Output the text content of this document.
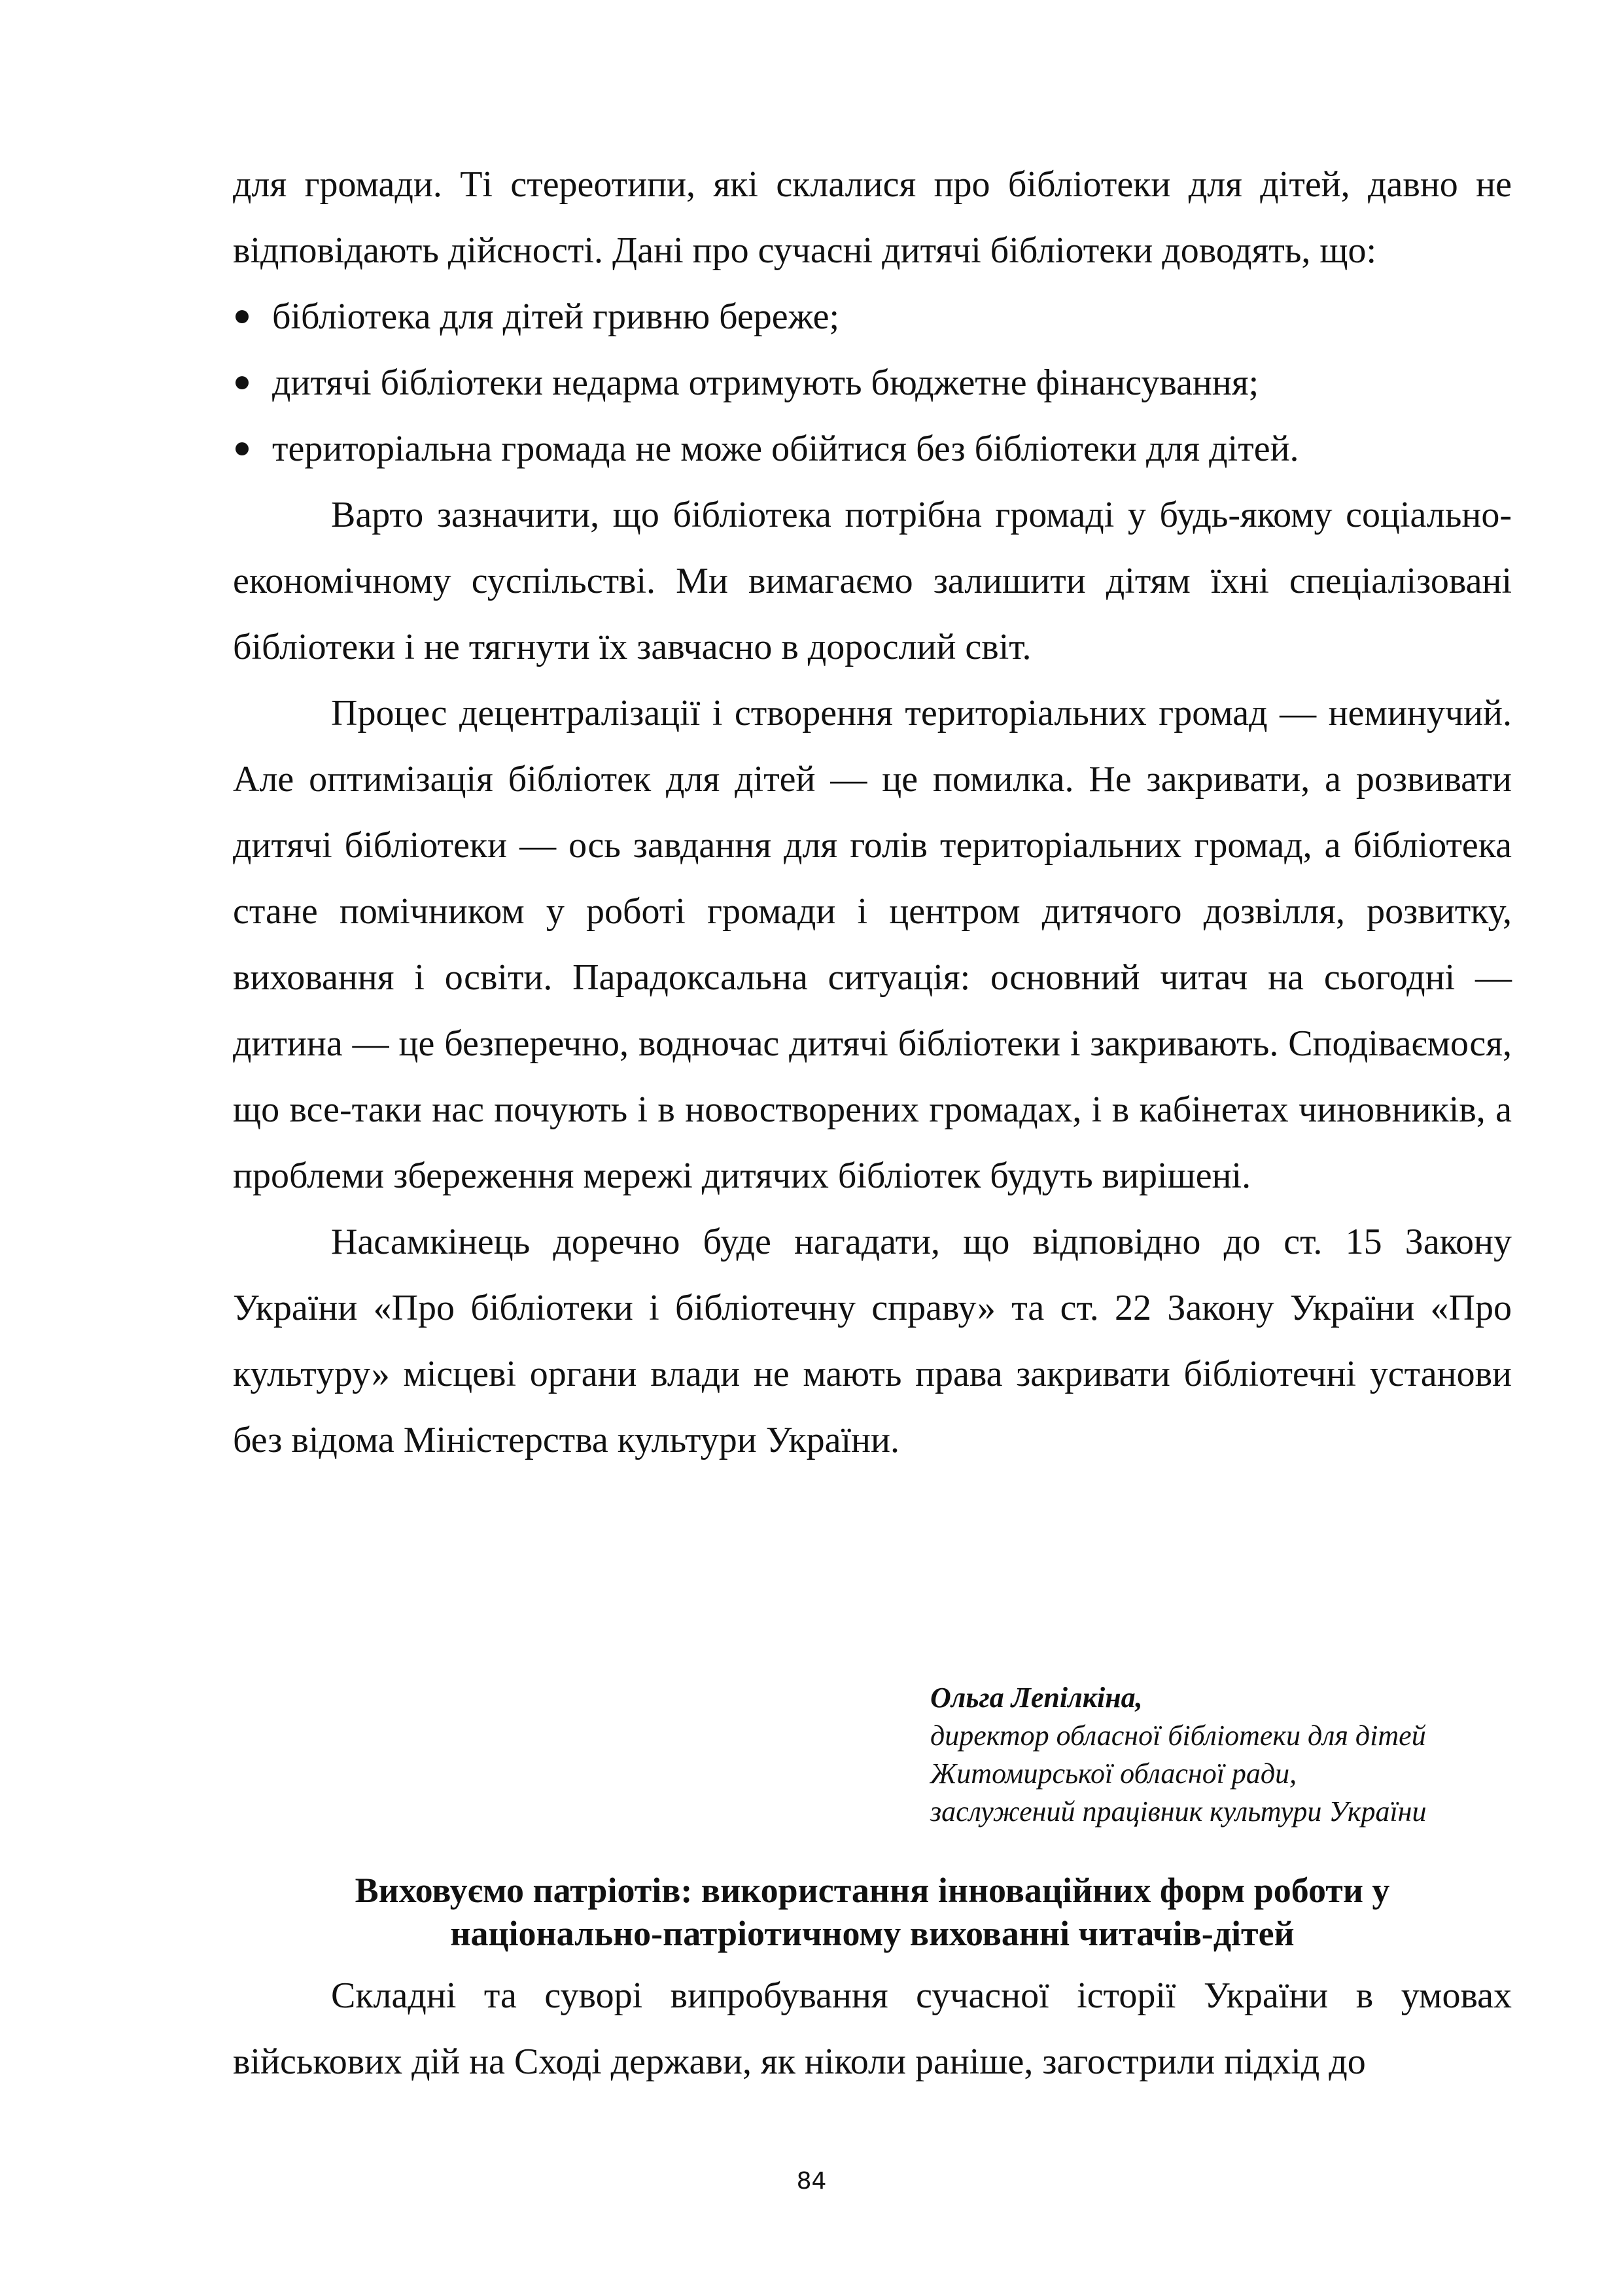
для громади. Ті стереотипи, які склалися про бібліотеки для дітей, давно не відповідають дійсності. Дані про сучасні дитячі бібліотеки доводять, що:

бібліотека для дітей гривню береже;
дитячі бібліотеки недарма отримують бюджетне фінансування;
територіальна громада не може обійтися без бібліотеки для дітей.

Варто зазначити, що бібліотека потрібна громаді у будь-якому соціально-економічному суспільстві. Ми вимагаємо залишити дітям їхні спеціалізовані бібліотеки і не тягнути їх завчасно в дорослий світ.

Процес децентралізації і створення територіальних громад — неминучий. Але оптимізація бібліотек для дітей — це помилка. Не закривати, а розвивати дитячі бібліотеки — ось завдання для голів територіальних громад, а бібліотека стане помічником у роботі громади і центром дитячого дозвілля, розвитку, виховання і освіти. Парадоксальна ситуація: основний читач на сьогодні — дитина — це безперечно, водночас дитячі бібліотеки і закривають. Сподіваємося, що все-таки нас почують і в новостворених громадах, і в кабінетах чиновників, а проблеми збереження мережі дитячих бібліотек будуть вирішені.

Насамкінець доречно буде нагадати, що відповідно до ст. 15 Закону України «Про бібліотеки і бібліотечну справу» та ст. 22 Закону України «Про культуру» місцеві органи влади не мають права закривати бібліотечні установи без відома Міністерства культури України.

Ольга Лепілкіна,
директор обласної бібліотеки для дітей
Житомирської обласної ради,
заслужений працівник культури України
Виховуємо патріотів: використання інноваційних форм роботи у
національно-патріотичному вихованні читачів-дітей

Складні та суворі випробування сучасної історії України в умовах військових дій на Сході держави, як ніколи раніше, загострили підхід до

84
